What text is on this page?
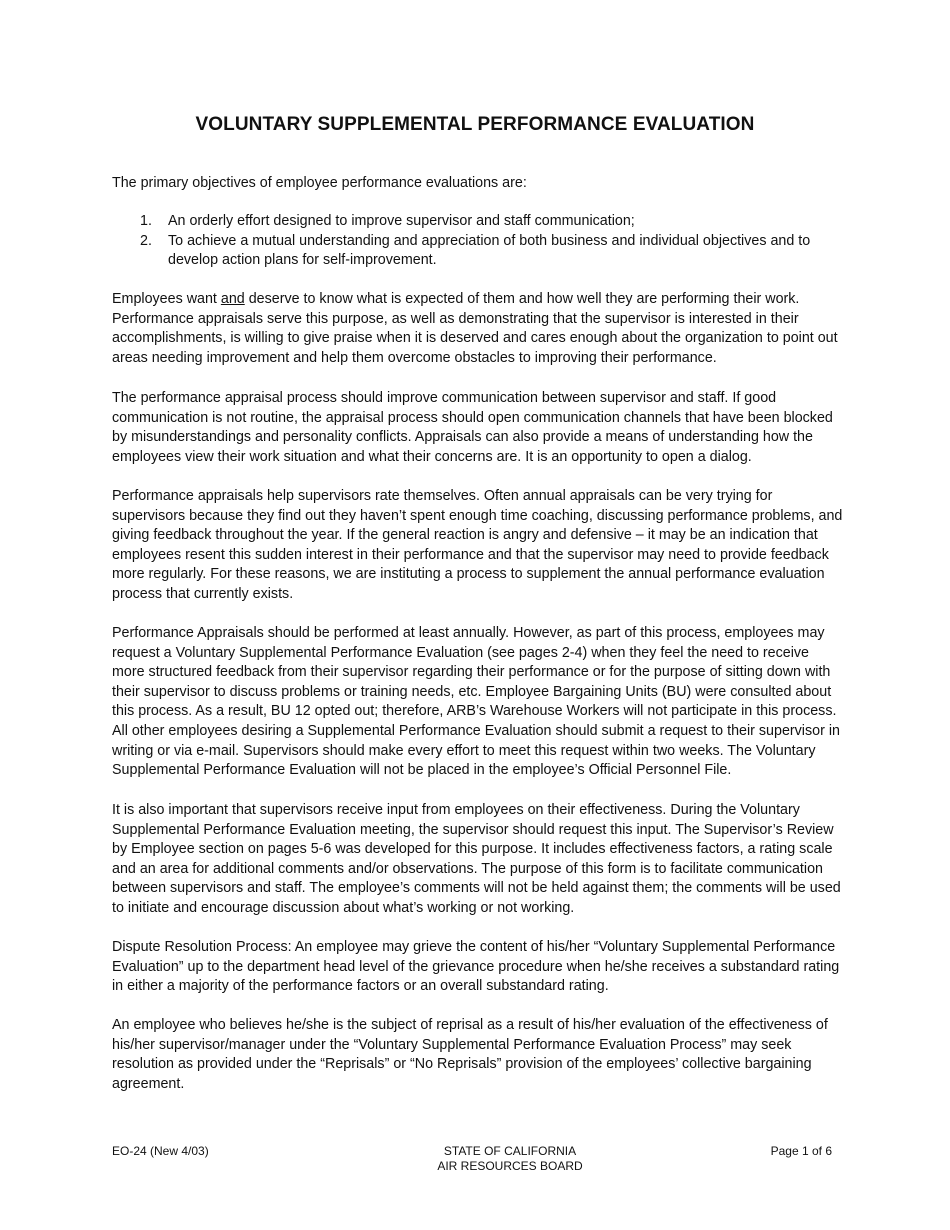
VOLUNTARY SUPPLEMENTAL PERFORMANCE EVALUATION

The primary objectives of employee performance evaluations are:

1. An orderly effort designed to improve supervisor and staff communication;
2. To achieve a mutual understanding and appreciation of both business and individual objectives and to develop action plans for self-improvement.

Employees want and deserve to know what is expected of them and how well they are performing their work. Performance appraisals serve this purpose, as well as demonstrating that the supervisor is interested in their accomplishments, is willing to give praise when it is deserved and cares enough about the organization to point out areas needing improvement and help them overcome obstacles to improving their performance.

The performance appraisal process should improve communication between supervisor and staff. If good communication is not routine, the appraisal process should open communication channels that have been blocked by misunderstandings and personality conflicts. Appraisals can also provide a means of understanding how the employees view their work situation and what their concerns are. It is an opportunity to open a dialog.

Performance appraisals help supervisors rate themselves. Often annual appraisals can be very trying for supervisors because they find out they haven’t spent enough time coaching, discussing performance problems, and giving feedback throughout the year. If the general reaction is angry and defensive – it may be an indication that employees resent this sudden interest in their performance and that the supervisor may need to provide feedback more regularly. For these reasons, we are instituting a process to supplement the annual performance evaluation process that currently exists.

Performance Appraisals should be performed at least annually. However, as part of this process, employees may request a Voluntary Supplemental Performance Evaluation (see pages 2-4) when they feel the need to receive more structured feedback from their supervisor regarding their performance or for the purpose of sitting down with their supervisor to discuss problems or training needs, etc. Employee Bargaining Units (BU) were consulted about this process. As a result, BU 12 opted out; therefore, ARB’s Warehouse Workers will not participate in this process. All other employees desiring a Supplemental Performance Evaluation should submit a request to their supervisor in writing or via e-mail. Supervisors should make every effort to meet this request within two weeks. The Voluntary Supplemental Performance Evaluation will not be placed in the employee’s Official Personnel File.

It is also important that supervisors receive input from employees on their effectiveness. During the Voluntary Supplemental Performance Evaluation meeting, the supervisor should request this input. The Supervisor’s Review by Employee section on pages 5-6 was developed for this purpose. It includes effectiveness factors, a rating scale and an area for additional comments and/or observations. The purpose of this form is to facilitate communication between supervisors and staff. The employee’s comments will not be held against them; the comments will be used to initiate and encourage discussion about what’s working or not working.

Dispute Resolution Process: An employee may grieve the content of his/her “Voluntary Supplemental Performance Evaluation” up to the department head level of the grievance procedure when he/she receives a substandard rating in either a majority of the performance factors or an overall substandard rating.

An employee who believes he/she is the subject of reprisal as a result of his/her evaluation of the effectiveness of his/her supervisor/manager under the “Voluntary Supplemental Performance Evaluation Process” may seek resolution as provided under the “Reprisals” or “No Reprisals” provision of the employees’ collective bargaining agreement.

EO-24 (New 4/03)	STATE OF CALIFORNIA
AIR RESOURCES BOARD
Page 1 of 6
